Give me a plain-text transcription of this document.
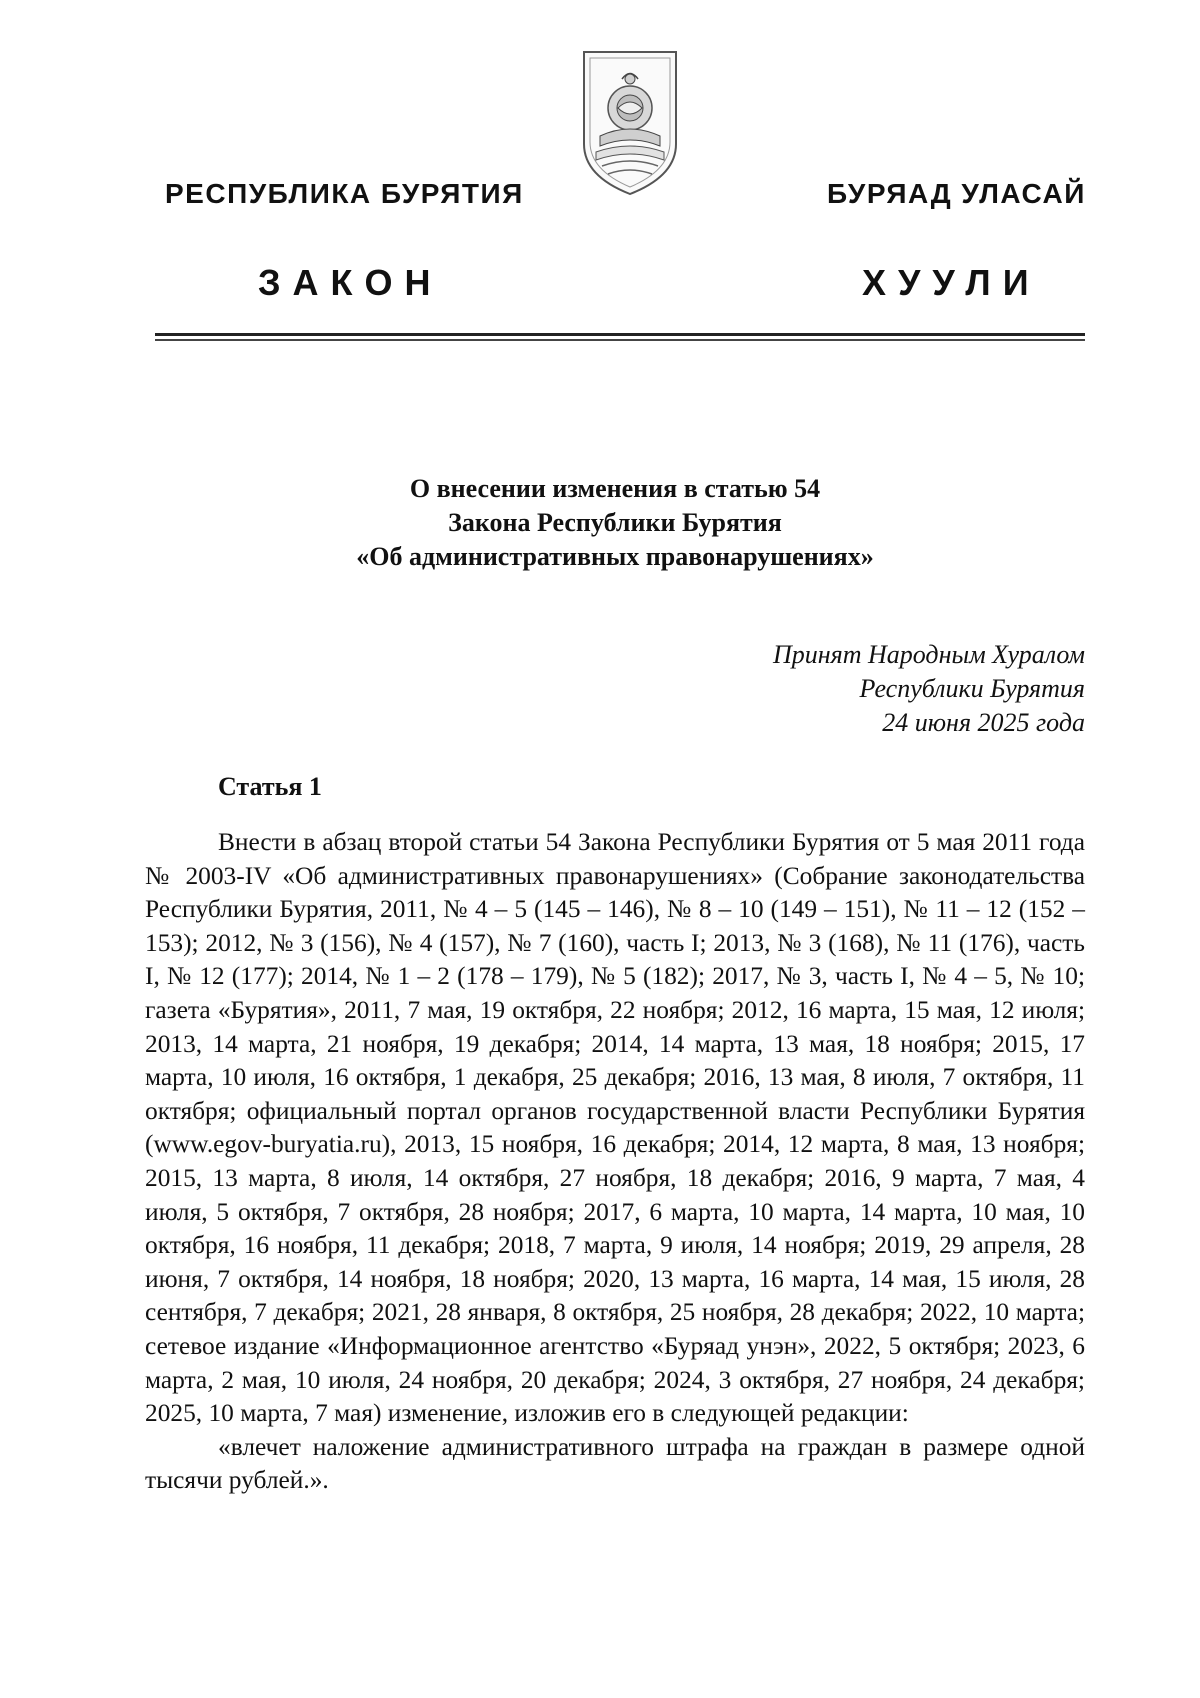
РЕСПУБЛИКА БУРЯТИЯ	БУРЯАД УЛАСАЙ
ЗАКОН	ХУУЛИ
О внесении изменения в статью 54
Закона Республики Бурятия
«Об административных правонарушениях»
Принят Народным Хуралом
Республики Бурятия
24 июня 2025 года
Статья 1

Внести в абзац второй статьи 54 Закона Республики Бурятия от 5 мая 2011 года № 2003-IV «Об административных правонарушениях» (Собрание законодательства Республики Бурятия, 2011, № 4 – 5 (145 – 146), № 8 – 10 (149 – 151), № 11 – 12 (152 – 153); 2012, № 3 (156), № 4 (157), № 7 (160), часть I; 2013, № 3 (168), № 11 (176), часть I, № 12 (177); 2014, № 1 – 2 (178 – 179), № 5 (182); 2017, № 3, часть I, № 4 – 5, № 10; газета «Бурятия», 2011, 7 мая, 19 октября, 22 ноября; 2012, 16 марта, 15 мая, 12 июля; 2013, 14 марта, 21 ноября, 19 декабря; 2014, 14 марта, 13 мая, 18 ноября; 2015, 17 марта, 10 июля, 16 октября, 1 декабря, 25 декабря; 2016, 13 мая, 8 июля, 7 октября, 11 октября; официальный портал органов государственной власти Республики Бурятия (www.egov-buryatia.ru), 2013, 15 ноября, 16 декабря; 2014, 12 марта, 8 мая, 13 ноября; 2015, 13 марта, 8 июля, 14 октября, 27 ноября, 18 декабря; 2016, 9 марта, 7 мая, 4 июля, 5 октября, 7 октября, 28 ноября; 2017, 6 марта, 10 марта, 14 марта, 10 мая, 10 октября, 16 ноября, 11 декабря; 2018, 7 марта, 9 июля, 14 ноября; 2019, 29 апреля, 28 июня, 7 октября, 14 ноября, 18 ноября; 2020, 13 марта, 16 марта, 14 мая, 15 июля, 28 сентября, 7 декабря; 2021, 28 января, 8 октября, 25 ноября, 28 декабря; 2022, 10 марта; сетевое издание «Информационное агентство «Буряад унэн», 2022, 5 октября; 2023, 6 марта, 2 мая, 10 июля, 24 ноября, 20 декабря; 2024, 3 октября, 27 ноября, 24 декабря; 2025, 10 марта, 7 мая) изменение, изложив его в следующей редакции:

«влечет наложение административного штрафа на граждан в размере одной тысячи рублей.».
